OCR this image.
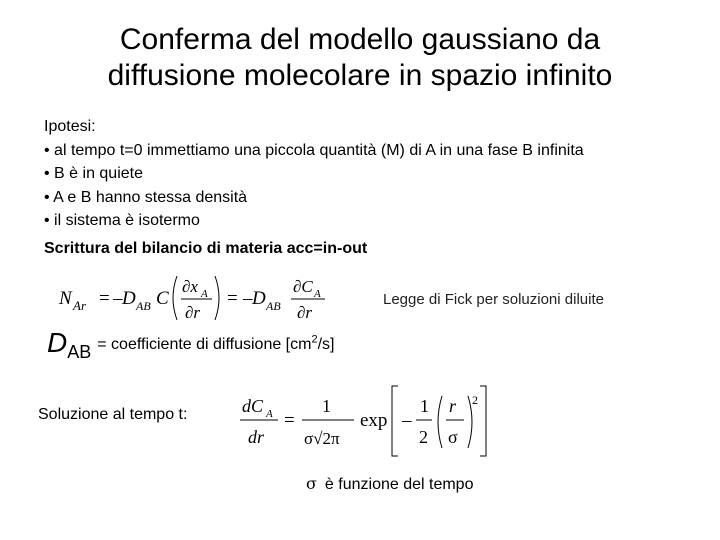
Conferma del modello gaussiano da
diffusione molecolare in spazio infinito
Ipotesi:
• al tempo t=0 immettiamo una piccola quantità (M) di A in una fase B infinita
• B è in quiete
• A e B hanno stessa densità
• il sistema è isotermo
Scrittura del bilancio di materia acc=in-out
N Ar = – D AB C
∂x A
∂r
= – D AB
∂C A
∂r
Legge di Fick per soluzioni diluite
DAB = coefficiente di diffusione $[cm^2/s]$
Soluzione al tempo t:	dC A
dr
=
1
σ√2π
exp –
1
2
r
σ
2
σ è funzione del tempo
